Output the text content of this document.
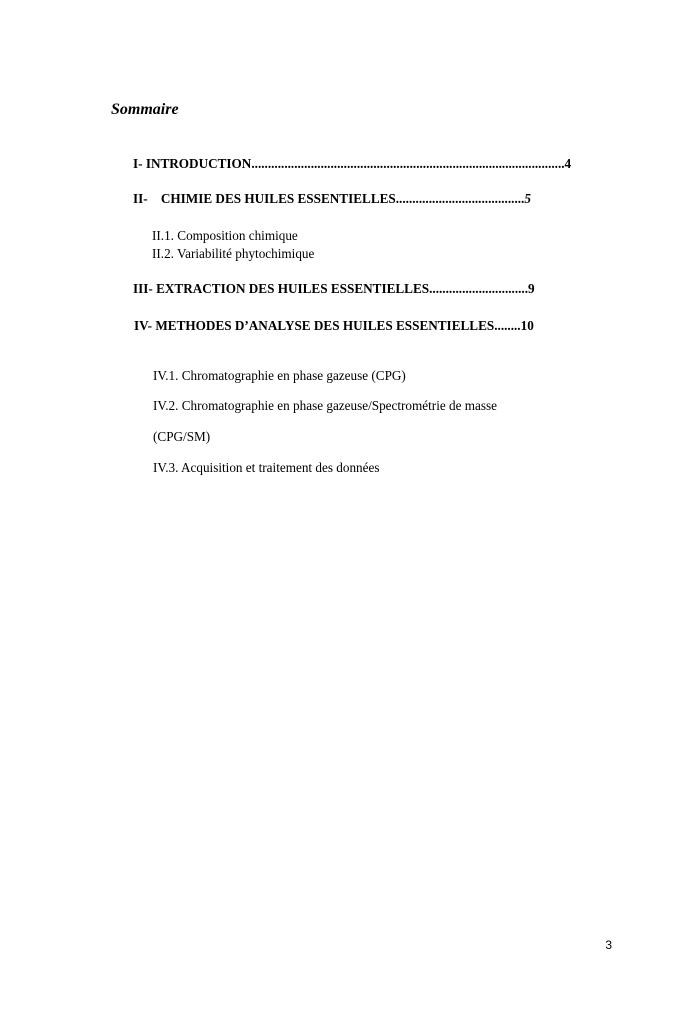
Sommaire
I- INTRODUCTION...............................................................................................4
II-    CHIMIE DES HUILES ESSENTIELLES.......................................5
II.1. Composition chimique
II.2. Variabilité phytochimique
III- EXTRACTION DES HUILES ESSENTIELLES..............................9
IV- METHODES D’ANALYSE DES HUILES ESSENTIELLES........10
IV.1. Chromatographie en phase gazeuse (CPG)
IV.2. Chromatographie en phase gazeuse/Spectrométrie de masse
(CPG/SM)
IV.3. Acquisition et traitement des données
3
